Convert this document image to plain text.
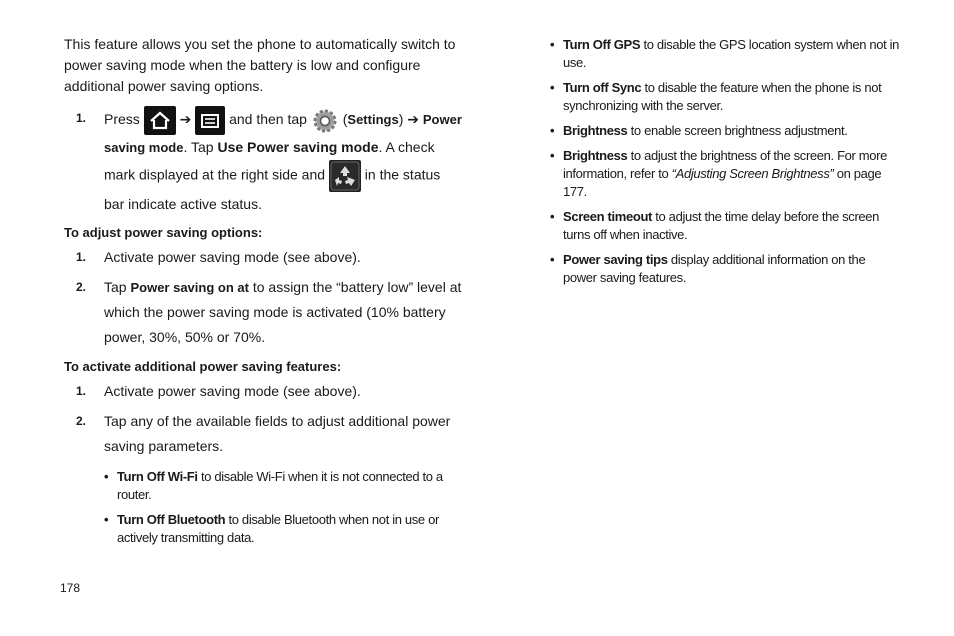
This feature allows you set the phone to automatically switch to power saving mode when the battery is low and configure additional power saving options.

1. Press	➔	and then tap	(Settings) ➔ Power saving mode. Tap Use Power saving mode. A check mark displayed at the right side and	in the status bar indicate active status.

To adjust power saving options:

1. Activate power saving mode (see above).
2. Tap Power saving on at to assign the “battery low” level at which the power saving mode is activated (10% battery power, 30%, 50% or 70%.

To activate additional power saving features:

1. Activate power saving mode (see above).
2. Tap any of the available fields to adjust additional power saving parameters.
• Turn Off Wi-Fi to disable Wi-Fi when it is not connected to a router.
• Turn Off Bluetooth to disable Bluetooth when not in use or actively transmitting data.
• Turn Off GPS to disable the GPS location system when not in use.
• Turn off Sync to disable the feature when the phone is not synchronizing with the server.
• Brightness to enable screen brightness adjustment.
• Brightness to adjust the brightness of the screen. For more information, refer to “Adjusting Screen Brightness” on page 177.
• Screen timeout to adjust the time delay before the screen turns off when inactive.
• Power saving tips display additional information on the power saving features.
178
